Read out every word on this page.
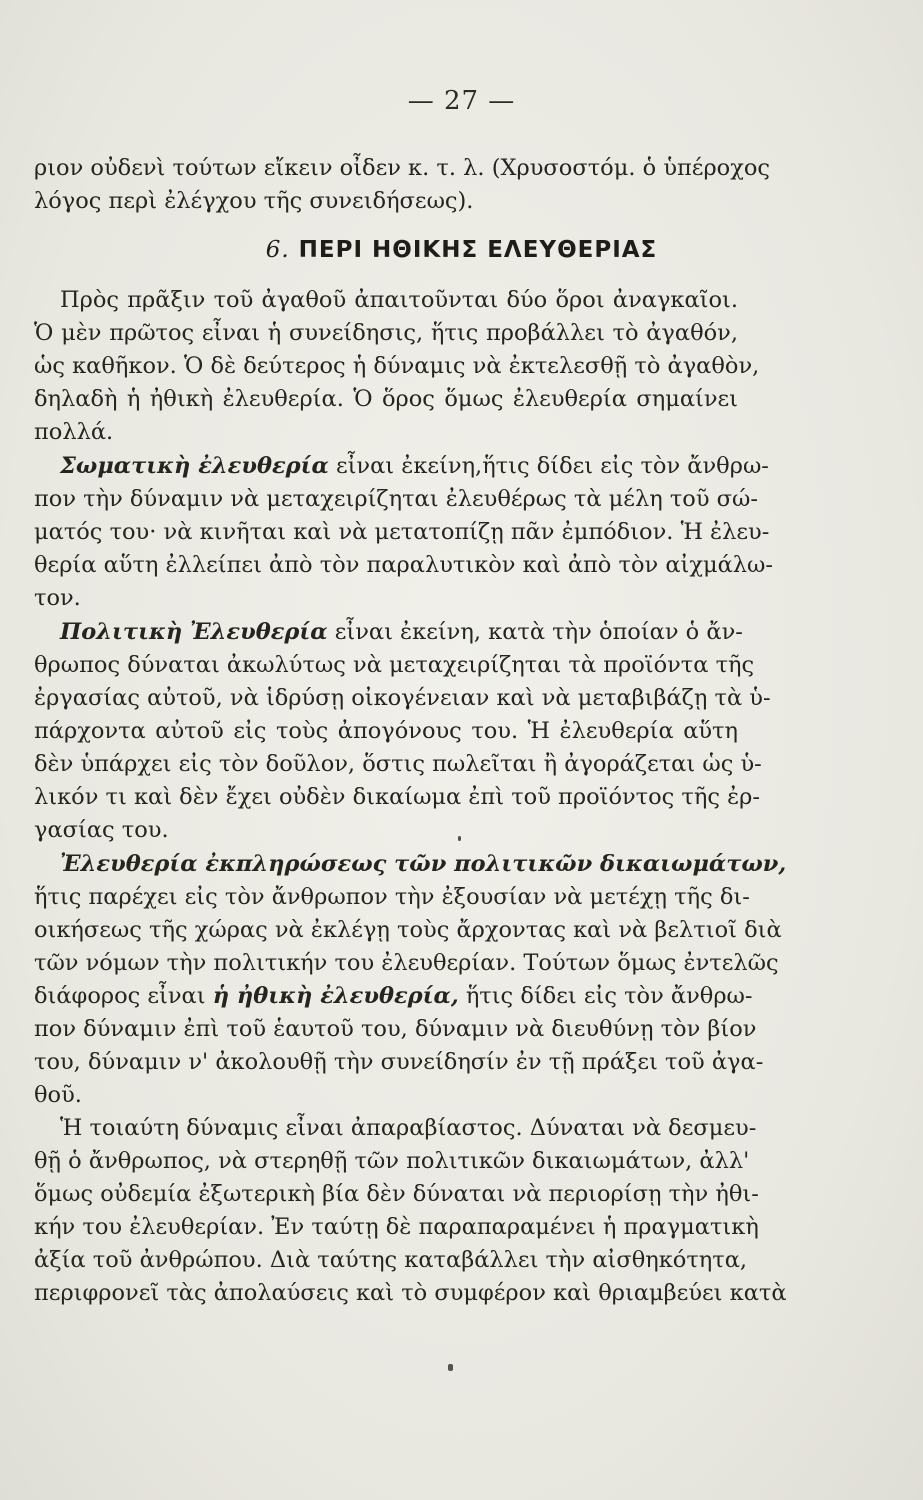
— 27 —
ριον οὐδενὶ τούτων εἴκειν οἶδεν κ. τ. λ. (Χρυσοστόμ. ὁ ὑπέροχος
λόγος περὶ ἐλέγχου τῆς συνειδήσεως).
6. ΠΕΡΙ ΗΘΙΚΗΣ ΕΛΕΥΘΕΡΙΑΣ
Πρὸς πρᾶξιν τοῦ ἀγαθοῦ ἀπαιτοῦνται δύο ὅροι ἀναγκαῖοι.
Ὁ μὲν πρῶτος εἶναι ἡ συνείδησις, ἥτις προβάλλει τὸ ἀγαθόν,
ὡς καθῆκον. Ὁ δὲ δεύτερος ἡ δύναμις νὰ ἐκτελεσθῇ τὸ ἀγαθὸν,
δηλαδὴ ἡ ἠθικὴ ἐλευθερία. Ὁ ὅρος ὅμως ἐλευθερία σημαίνει
πολλά.
Σωματικὴ ἐλευθερία εἶναι ἐκείνη,ἥτις δίδει εἰς τὸν ἄνθρω-
πον τὴν δύναμιν νὰ μεταχειρίζηται ἐλευθέρως τὰ μέλη τοῦ σώ-
ματός του· νὰ κινῆται καὶ νὰ μετατοπίζῃ πᾶν ἐμπόδιον. Ἡ ἐλευ-
θερία αὕτη ἐλλείπει ἀπὸ τὸν παραλυτικὸν καὶ ἀπὸ τὸν αἰχμάλω-
τον.
Πολιτικὴ Ἐλευθερία εἶναι ἐκείνη, κατὰ τὴν ὁποίαν ὁ ἄν-
θρωπος δύναται ἀκωλύτως νὰ μεταχειρίζηται τὰ προϊόντα τῆς
ἐργασίας αὐτοῦ, νὰ ἱδρύσῃ οἰκογένειαν καὶ νὰ μεταβιβάζῃ τὰ ὑ-
πάρχοντα αὐτοῦ εἰς τοὺς ἀπογόνους του. Ἡ ἐλευθερία αὕτη
δὲν ὑπάρχει εἰς τὸν δοῦλον, ὅστις πωλεῖται ἢ ἀγοράζεται ὡς ὑ-
λικόν τι καὶ δὲν ἔχει οὐδὲν δικαίωμα ἐπὶ τοῦ προϊόντος τῆς ἐρ-
γασίας του.
Ἐλευθερία ἐκπληρώσεως τῶν πολιτικῶν δικαιωμάτων,
ἥτις παρέχει εἰς τὸν ἄνθρωπον τὴν ἐξουσίαν νὰ μετέχῃ τῆς δι-
οικήσεως τῆς χώρας νὰ ἐκλέγῃ τοὺς ἄρχοντας καὶ νὰ βελτιοῖ διὰ
τῶν νόμων τὴν πολιτικήν του ἐλευθερίαν. Τούτων ὅμως ἐντελῶς
διάφορος εἶναι ἡ ἠθικὴ ἐλευθερία, ἥτις δίδει εἰς τὸν ἄνθρω-
πον δύναμιν ἐπὶ τοῦ ἑαυτοῦ του, δύναμιν νὰ διευθύνῃ τὸν βίον
του, δύναμιν ν' ἀκολουθῇ τὴν συνείδησίν ἐν τῇ πράξει τοῦ ἀγα-
θοῦ.
Ἡ τοιαύτη δύναμις εἶναι ἀπαραβίαστος. Δύναται νὰ δεσμευ-
θῇ ὁ ἄνθρωπος, νὰ στερηθῇ τῶν πολιτικῶν δικαιωμάτων, ἀλλ'
ὅμως οὐδεμία ἐξωτερικὴ βία δὲν δύναται νὰ περιορίσῃ τὴν ἠθι-
κήν του ἐλευθερίαν. Ἐν ταύτῃ δὲ παραπαραμένει ἡ πραγματικὴ
ἀξία τοῦ ἀνθρώπου. Διὰ ταύτης καταβάλλει τὴν αἰσθηκότητα,
περιφρονεῖ τὰς ἀπολαύσεις καὶ τὸ συμφέρον καὶ θριαμβεύει κατὰ
